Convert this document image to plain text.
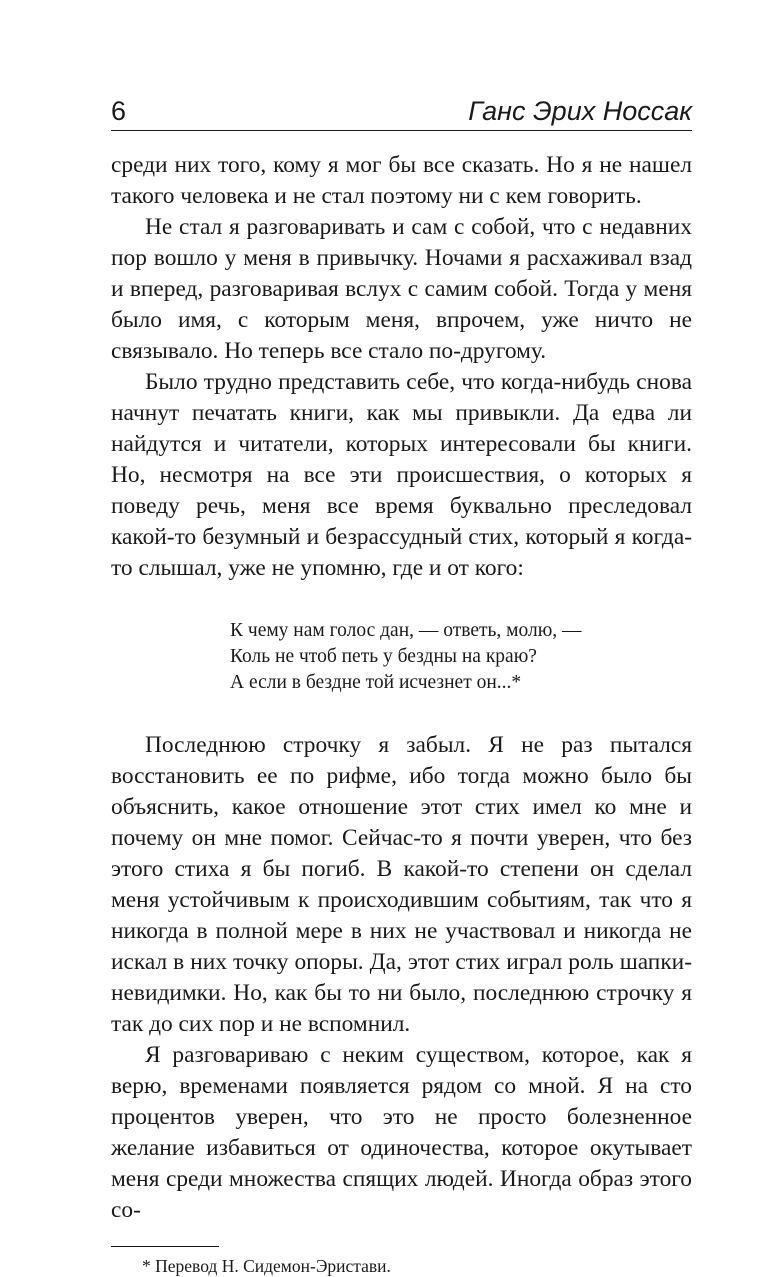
6	Ганс Эрих Носсак

среди них того, кому я мог бы все сказать. Но я не нашел такого человека и не стал поэтому ни с кем говорить.

Не стал я разговаривать и сам с собой, что с недавних пор вошло у меня в привычку. Ночами я расхаживал взад и вперед, разговаривая вслух с самим собой. Тогда у меня было имя, с которым меня, впрочем, уже ничто не связывало. Но теперь все стало по-другому.

Было трудно представить себе, что когда-нибудь снова начнут печатать книги, как мы привыкли. Да едва ли найдутся и читатели, которых интересовали бы книги. Но, несмотря на все эти происшествия, о которых я поведу речь, меня все время буквально преследовал какой-то безумный и безрассудный стих, который я когда-то слышал, уже не упомню, где и от кого:

К чему нам голос дан, — ответь, молю, —
Коль не чтоб петь у бездны на краю?
А если в бездне той исчезнет он...*

Последнюю строчку я забыл. Я не раз пытался восстановить ее по рифме, ибо тогда можно было бы объяснить, какое отношение этот стих имел ко мне и почему он мне помог. Сейчас-то я почти уверен, что без этого стиха я бы погиб. В какой-то степени он сделал меня устойчивым к происходившим событиям, так что я никогда в полной мере в них не участвовал и никогда не искал в них точку опоры. Да, этот стих играл роль шапки-невидимки. Но, как бы то ни было, последнюю строчку я так до сих пор и не вспомнил.

Я разговариваю с неким существом, которое, как я верю, временами появляется рядом со мной. Я на сто процентов уверен, что это не просто болезненное желание избавиться от одиночества, которое окутывает меня среди множества спящих людей. Иногда образ этого со-

* Перевод Н. Сидемон-Эристави.
